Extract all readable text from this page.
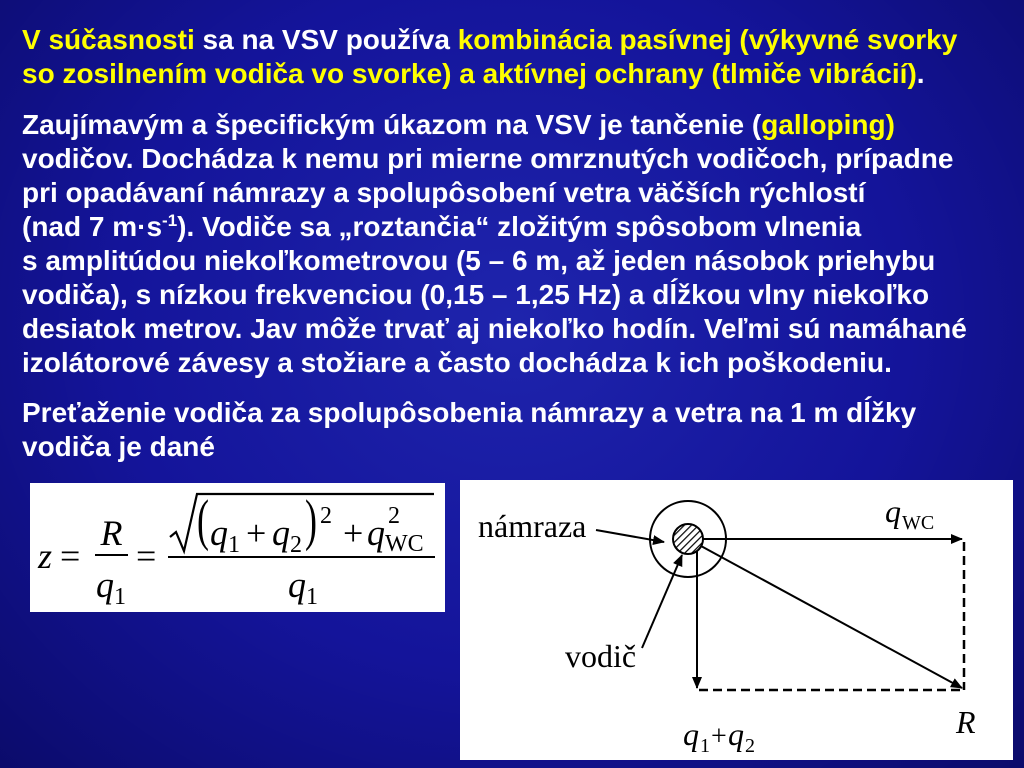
V súčasnosti sa na VSV používa kombinácia pasívnej (výkyvné svorky
so zosilnením vodiča vo svorke) a aktívnej ochrany (tlmiče vibrácií).
Zaujímavým a špecifickým úkazom na VSV je tančenie (galloping)
vodičov. Dochádza k nemu pri mierne omrznutých vodičoch, prípadne
pri opadávaní námrazy a spolupôsobení vetra väčších rýchlostí
(nad 7 $m\cdot s^{-1}$). Vodiče sa „roztančia“ zložitým spôsobom vlnenia
s amplitúdou niekoľkometrovou (5 – 6 m, až jeden násobok priehybu
vodiča), s nízkou frekvenciou (0,15 – 1,25 Hz) a dĺžkou vlny niekoľko
desiatok metrov. Jav môže trvať aj niekoľko hodín. Veľmi sú namáhané
izolátorové závesy a stožiare a často dochádza k ich poškodeniu.
Preťaženie vodiča za spolupôsobenia námrazy a vetra na 1 m dĺžky
vodiča je dané
z =
R
q 1
=
( q 1 + q 2 ) 2 + q 2
WC
q 1
námraza
vodič
q WC
R
q 1 + q 2
